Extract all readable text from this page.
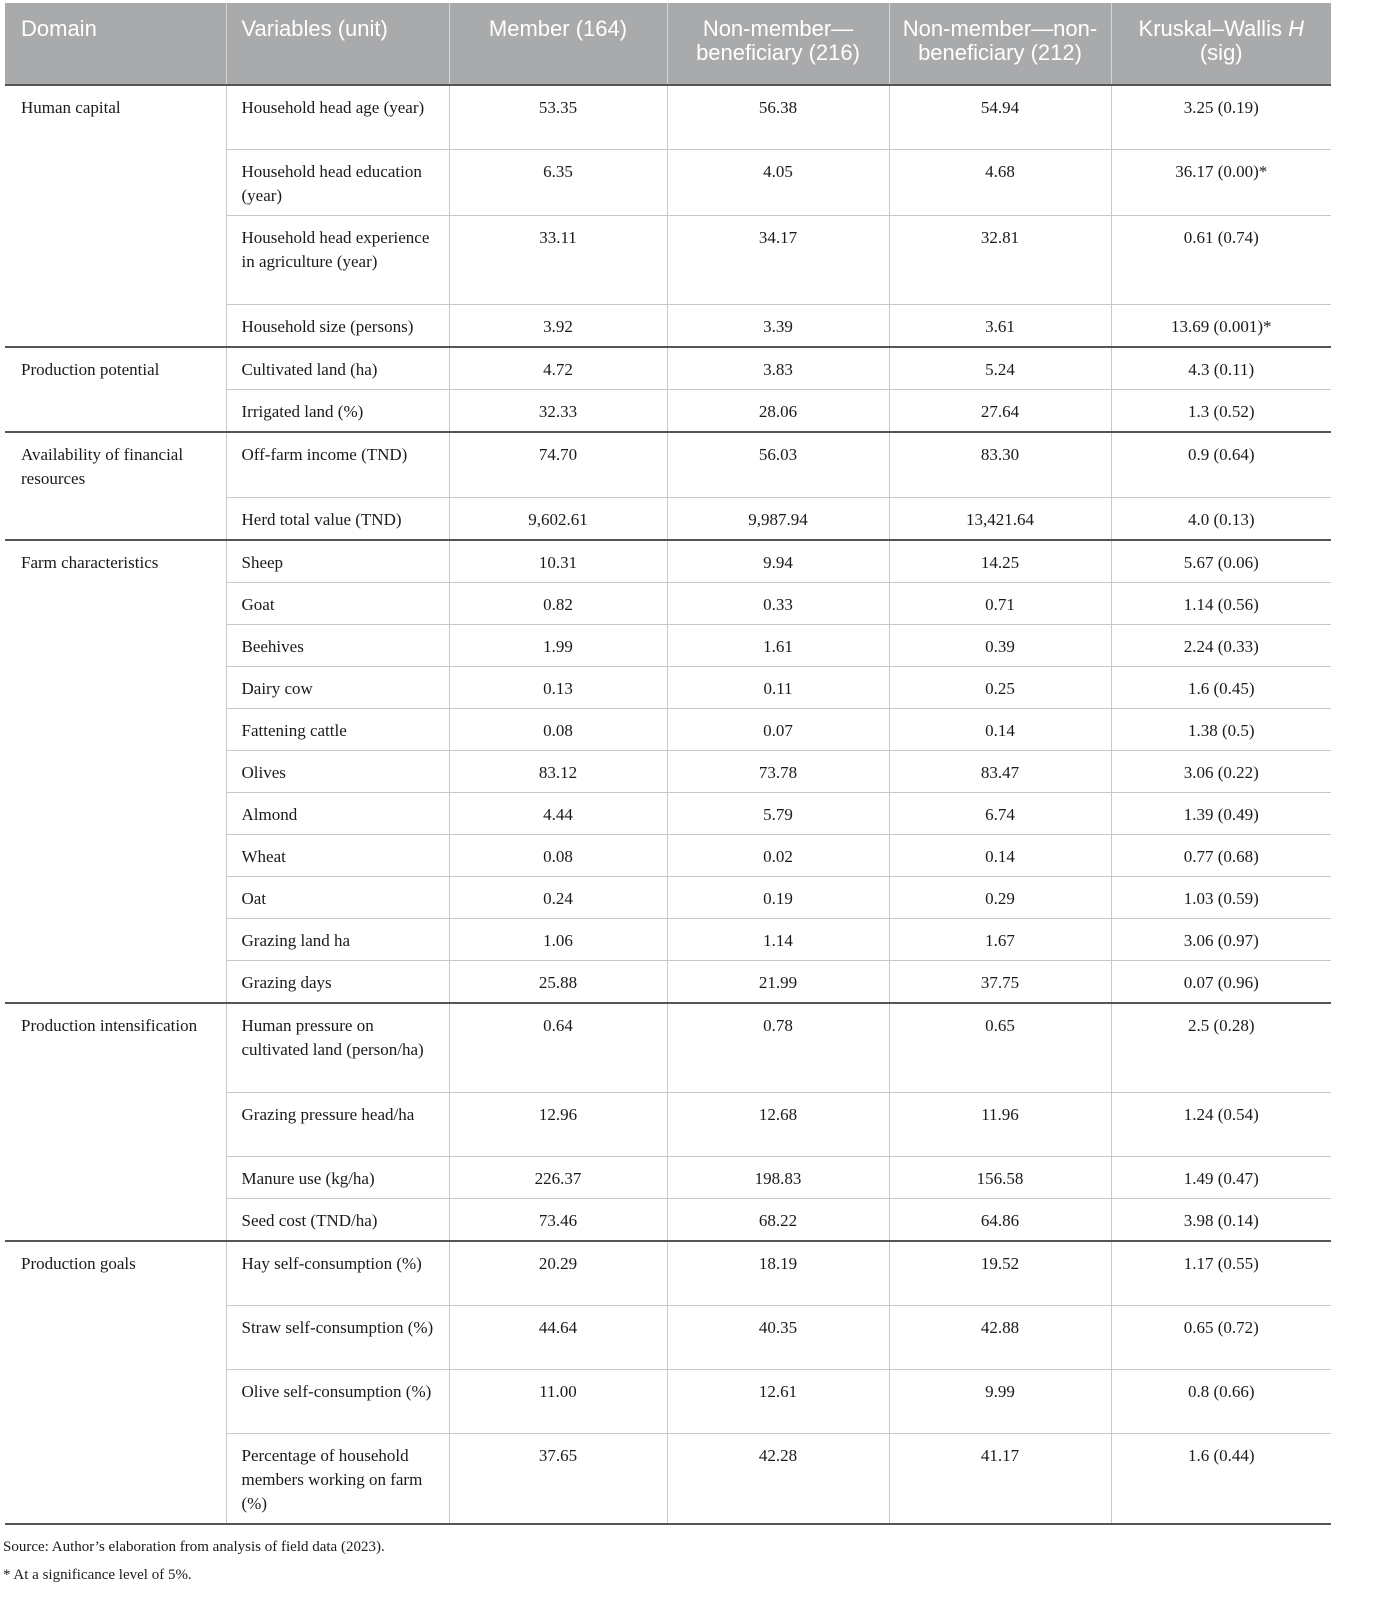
Domain	Variables (unit)	Member (164)	Non-member—beneficiary (216)	Non-member—non-beneficiary (212)	Kruskal–Wallis H (sig)
Human capital	Household head age (year)	53.35	56.38	54.94	3.25 (0.19)
	Household head education (year)	6.35	4.05	4.68	36.17 (0.00)*
	Household head experience in agriculture (year)	33.11	34.17	32.81	0.61 (0.74)
	Household size (persons)	3.92	3.39	3.61	13.69 (0.001)*
Production potential	Cultivated land (ha)	4.72	3.83	5.24	4.3 (0.11)
	Irrigated land (%)	32.33	28.06	27.64	1.3 (0.52)
Availability of financial resources	Off-farm income (TND)	74.70	56.03	83.30	0.9 (0.64)
	Herd total value (TND)	9,602.61	9,987.94	13,421.64	4.0 (0.13)
Farm characteristics	Sheep	10.31	9.94	14.25	5.67 (0.06)
	Goat	0.82	0.33	0.71	1.14 (0.56)
	Beehives	1.99	1.61	0.39	2.24 (0.33)
	Dairy cow	0.13	0.11	0.25	1.6 (0.45)
	Fattening cattle	0.08	0.07	0.14	1.38 (0.5)
	Olives	83.12	73.78	83.47	3.06 (0.22)
	Almond	4.44	5.79	6.74	1.39 (0.49)
	Wheat	0.08	0.02	0.14	0.77 (0.68)
	Oat	0.24	0.19	0.29	1.03 (0.59)
	Grazing land ha	1.06	1.14	1.67	3.06 (0.97)
	Grazing days	25.88	21.99	37.75	0.07 (0.96)
Production intensification	Human pressure on cultivated land (person/ha)	0.64	0.78	0.65	2.5 (0.28)
	Grazing pressure head/ha	12.96	12.68	11.96	1.24 (0.54)
	Manure use (kg/ha)	226.37	198.83	156.58	1.49 (0.47)
	Seed cost (TND/ha)	73.46	68.22	64.86	3.98 (0.14)
Production goals	Hay self-consumption (%)	20.29	18.19	19.52	1.17 (0.55)
	Straw self-consumption (%)	44.64	40.35	42.88	0.65 (0.72)
	Olive self-consumption (%)	11.00	12.61	9.99	0.8 (0.66)
	Percentage of household members working on farm (%)	37.65	42.28	41.17	1.6 (0.44)

Source: Author’s elaboration from analysis of field data (2023).

* At a significance level of 5%.
